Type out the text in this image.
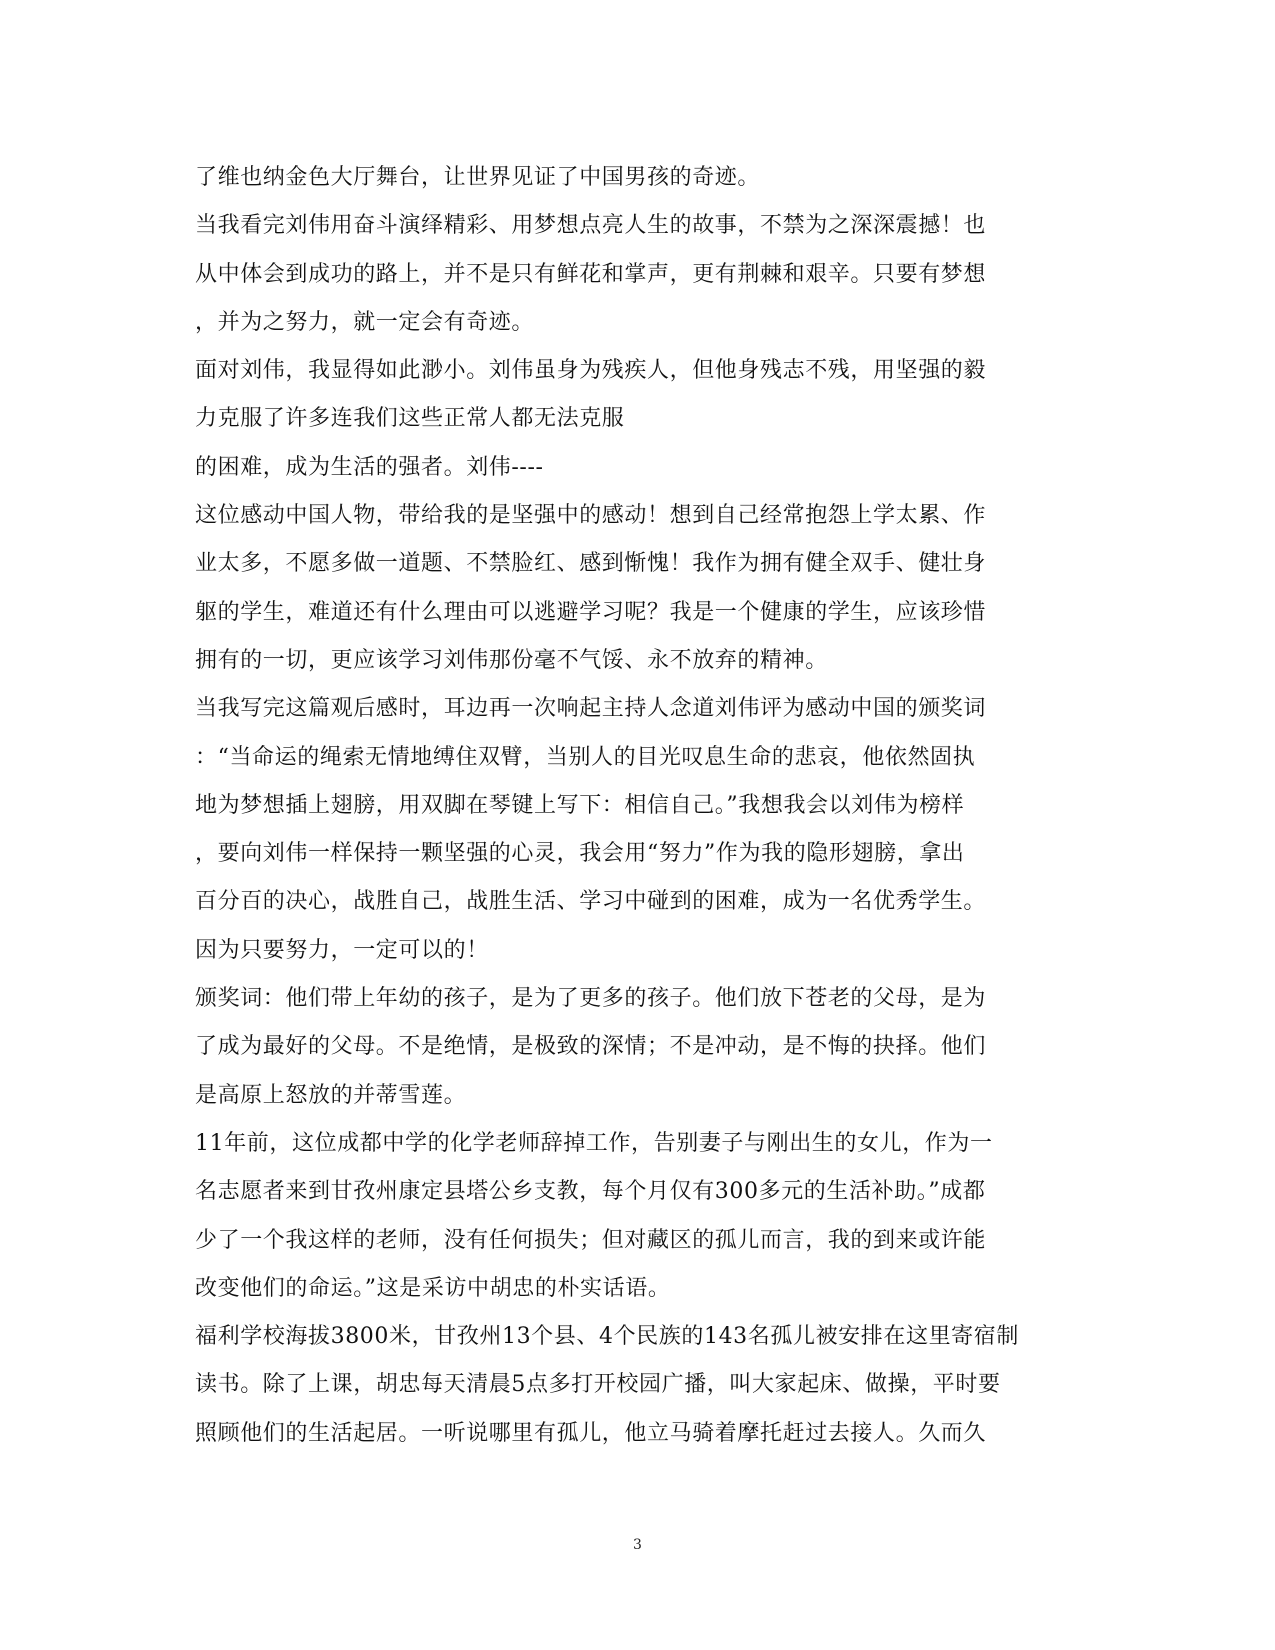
了维也纳金色大厅舞台，让世界见证了中国男孩的奇迹。
当我看完刘伟用奋斗演绎精彩、用梦想点亮人生的故事，不禁为之深深震撼！也
从中体会到成功的路上，并不是只有鲜花和掌声，更有荆棘和艰辛。只要有梦想
，并为之努力，就一定会有奇迹。
面对刘伟，我显得如此渺小。刘伟虽身为残疾人，但他身残志不残，用坚强的毅
力克服了许多连我们这些正常人都无法克服
的困难，成为生活的强者。刘伟----
这位感动中国人物，带给我的是坚强中的感动！想到自己经常抱怨上学太累、作
业太多，不愿多做一道题、不禁脸红、感到惭愧！我作为拥有健全双手、健壮身
躯的学生，难道还有什么理由可以逃避学习呢？我是一个健康的学生，应该珍惜
拥有的一切，更应该学习刘伟那份毫不气馁、永不放弃的精神。
当我写完这篇观后感时，耳边再一次响起主持人念道刘伟评为感动中国的颁奖词
：“当命运的绳索无情地缚住双臂，当别人的目光叹息生命的悲哀，他依然固执
地为梦想插上翅膀，用双脚在琴键上写下：相信自己。”我想我会以刘伟为榜样
，要向刘伟一样保持一颗坚强的心灵，我会用“努力”作为我的隐形翅膀，拿出
百分百的决心，战胜自己，战胜生活、学习中碰到的困难，成为一名优秀学生。
因为只要努力，一定可以的！
颁奖词：他们带上年幼的孩子，是为了更多的孩子。他们放下苍老的父母，是为
了成为最好的父母。不是绝情，是极致的深情；不是冲动，是不悔的抉择。他们
是高原上怒放的并蒂雪莲。
11年前，这位成都中学的化学老师辞掉工作，告别妻子与刚出生的女儿，作为一
名志愿者来到甘孜州康定县塔公乡支教，每个月仅有300多元的生活补助。”成都
少了一个我这样的老师，没有任何损失；但对藏区的孤儿而言，我的到来或许能
改变他们的命运。”这是采访中胡忠的朴实话语。
福利学校海拔3800米，甘孜州13个县、4个民族的143名孤儿被安排在这里寄宿制
读书。除了上课，胡忠每天清晨5点多打开校园广播，叫大家起床、做操，平时要
照顾他们的生活起居。一听说哪里有孤儿，他立马骑着摩托赶过去接人。久而久
3
